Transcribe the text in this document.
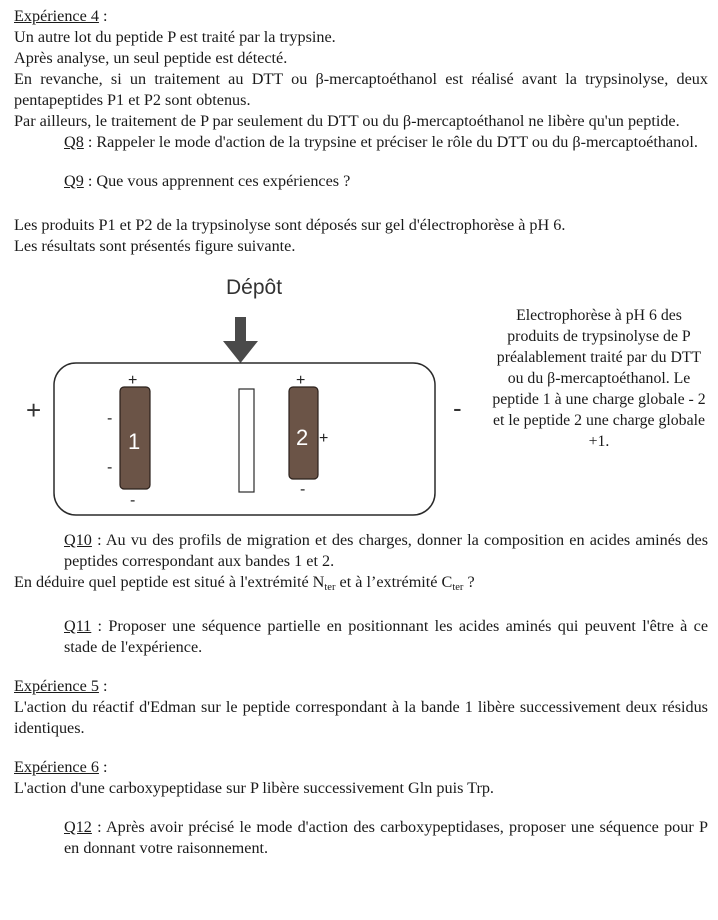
Expérience 4 :

Un autre lot du peptide P est traité par la trypsine.

Après analyse, un seul peptide est détecté.

En revanche, si un traitement au DTT ou β-mercaptoéthanol est réalisé avant la trypsinolyse, deux pentapeptides P1 et P2 sont obtenus.

Par ailleurs, le traitement de P par seulement du DTT ou du β-mercaptoéthanol ne libère qu'un peptide.

Q8 : Rappeler le mode d'action de la trypsine et préciser le rôle du DTT ou du β-mercaptoéthanol.

Q9 : Que vous apprennent ces expériences ?

Les produits P1 et P2 de la trypsinolyse sont déposés sur gel d'électrophorèse à pH 6.

Les résultats sont présentés figure suivante.

Dépôt
+	-
1
+
-
-
-
2
+
+
-
Electrophorèse à pH 6 des produits de trypsinolyse de P préalablement traité par du DTT ou du β-mercaptoéthanol. Le peptide 1 à une charge globale - 2 et le peptide 2 une charge globale +1.

Q10 : Au vu des profils de migration et des charges, donner la composition en acides aminés des peptides correspondant aux bandes 1 et 2.

En déduire quel peptide est situé à l'extrémité $N_{ter}$ et à l’extrémité $C_{ter}$ ?

Q11 : Proposer une séquence partielle en positionnant les acides aminés qui peuvent l'être à ce stade de l'expérience.

Expérience 5 :

L'action du réactif d'Edman sur le peptide correspondant à la bande 1 libère successivement deux résidus identiques.

Expérience 6 :

L'action d'une carboxypeptidase sur P libère successivement Gln puis Trp.

Q12 : Après avoir précisé le mode d'action des carboxypeptidases, proposer une séquence pour P en donnant votre raisonnement.
